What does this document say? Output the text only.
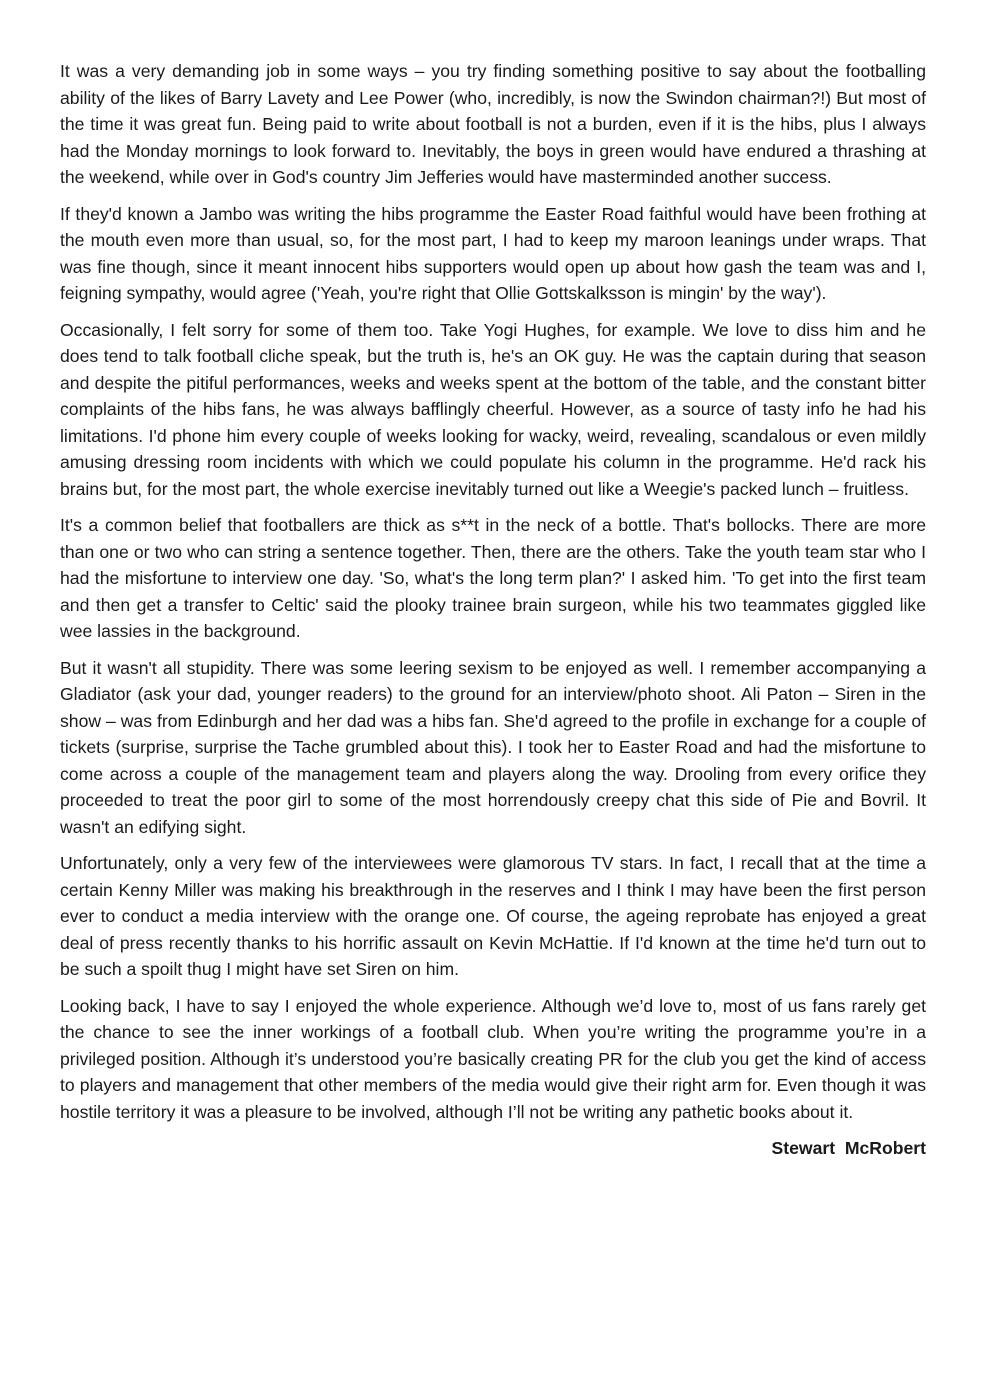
It was a very demanding job in some ways – you try finding something positive to say about the footballing ability of the likes of Barry Lavety and Lee Power (who, incredibly, is now the Swindon chairman?!) But most of the time it was great fun. Being paid to write about football is not a burden, even if it is the hibs, plus I always had the Monday mornings to look forward to. Inevitably, the boys in green would have endured a thrashing at the weekend, while over in God's country Jim Jefferies would have masterminded another success.

If they'd known a Jambo was writing the hibs programme the Easter Road faithful would have been frothing at the mouth even more than usual, so, for the most part, I had to keep my maroon leanings under wraps. That was fine though, since it meant innocent hibs supporters would open up about how gash the team was and I, feigning sympathy, would agree ('Yeah, you're right that Ollie Gottskalksson is mingin' by the way').

Occasionally, I felt sorry for some of them too. Take Yogi Hughes, for example. We love to diss him and he does tend to talk football cliche speak, but the truth is, he's an OK guy. He was the captain during that season and despite the pitiful performances, weeks and weeks spent at the bottom of the table, and the constant bitter complaints of the hibs fans, he was always bafflingly cheerful. However, as a source of tasty info he had his limitations. I'd phone him every couple of weeks looking for wacky, weird, revealing, scandalous or even mildly amusing dressing room incidents with which we could populate his column in the programme. He'd rack his brains but, for the most part, the whole exercise inevitably turned out like a Weegie's packed lunch – fruitless.

It's a common belief that footballers are thick as s**t in the neck of a bottle. That's bollocks. There are more than one or two who can string a sentence together. Then, there are the others. Take the youth team star who I had the misfortune to interview one day. 'So, what's the long term plan?' I asked him. 'To get into the first team and then get a transfer to Celtic' said the plooky trainee brain surgeon, while his two teammates giggled like wee lassies in the background.

But it wasn't all stupidity. There was some leering sexism to be enjoyed as well. I remember accompanying a Gladiator (ask your dad, younger readers) to the ground for an interview/photo shoot. Ali Paton – Siren in the show – was from Edinburgh and her dad was a hibs fan. She'd agreed to the profile in exchange for a couple of tickets (surprise, surprise the Tache grumbled about this). I took her to Easter Road and had the misfortune to come across a couple of the management team and players along the way. Drooling from every orifice they proceeded to treat the poor girl to some of the most horrendously creepy chat this side of Pie and Bovril. It wasn't an edifying sight.

Unfortunately, only a very few of the interviewees were glamorous TV stars. In fact, I recall that at the time a certain Kenny Miller was making his breakthrough in the reserves and I think I may have been the first person ever to conduct a media interview with the orange one. Of course, the ageing reprobate has enjoyed a great deal of press recently thanks to his horrific assault on Kevin McHattie. If I'd known at the time he'd turn out to be such a spoilt thug I might have set Siren on him.

Looking back, I have to say I enjoyed the whole experience. Although we’d love to, most of us fans rarely get the chance to see the inner workings of a football club. When you’re writing the programme you’re in a privileged position. Although it’s understood you’re basically creating PR for the club you get the kind of access to players and management that other members of the media would give their right arm for. Even though it was hostile territory it was a pleasure to be involved, although I’ll not be writing any pathetic books about it.

Stewart  McRobert
